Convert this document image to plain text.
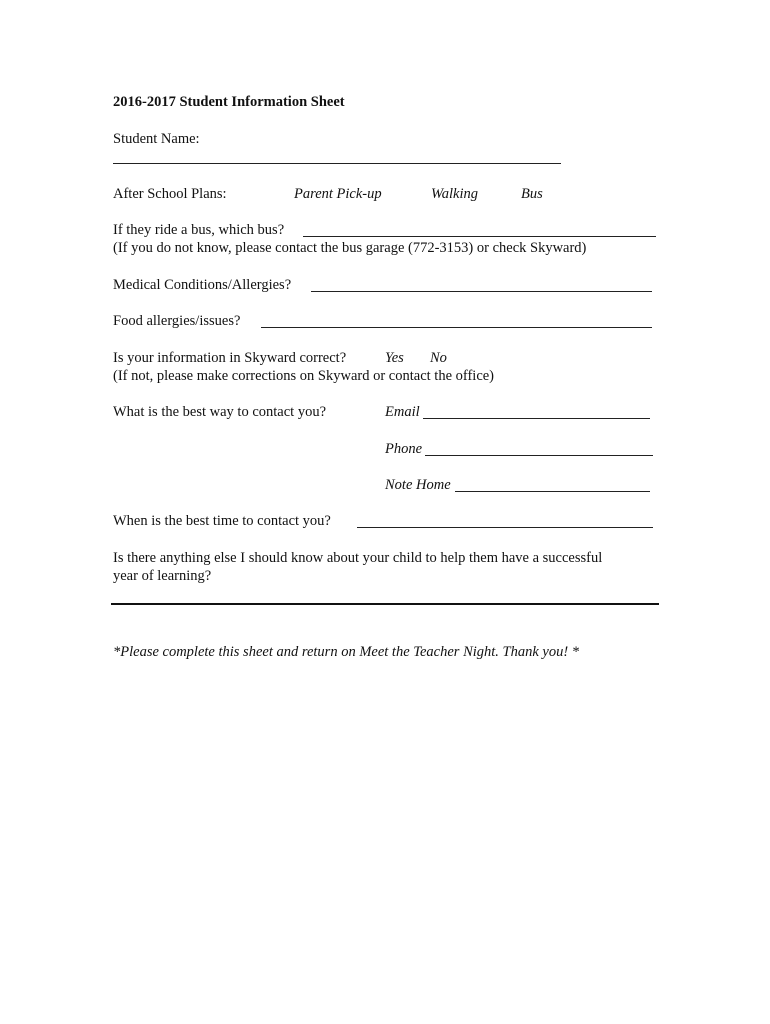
2016-2017 Student Information Sheet
Student Name:
After School Plans:	Parent Pick-up	Walking	Bus
If they ride a bus, which bus?
(If you do not know, please contact the bus garage (772-3153) or check Skyward)
Medical Conditions/Allergies?
Food allergies/issues?
Is your information in Skyward correct?	Yes No
(If not, please make corrections on Skyward or contact the office)
What is the best way to contact you?	Email
Phone
Note Home
When is the best time to contact you?
Is there anything else I should know about your child to help them have a successful
year of learning?
*Please complete this sheet and return on Meet the Teacher Night. Thank you! *
